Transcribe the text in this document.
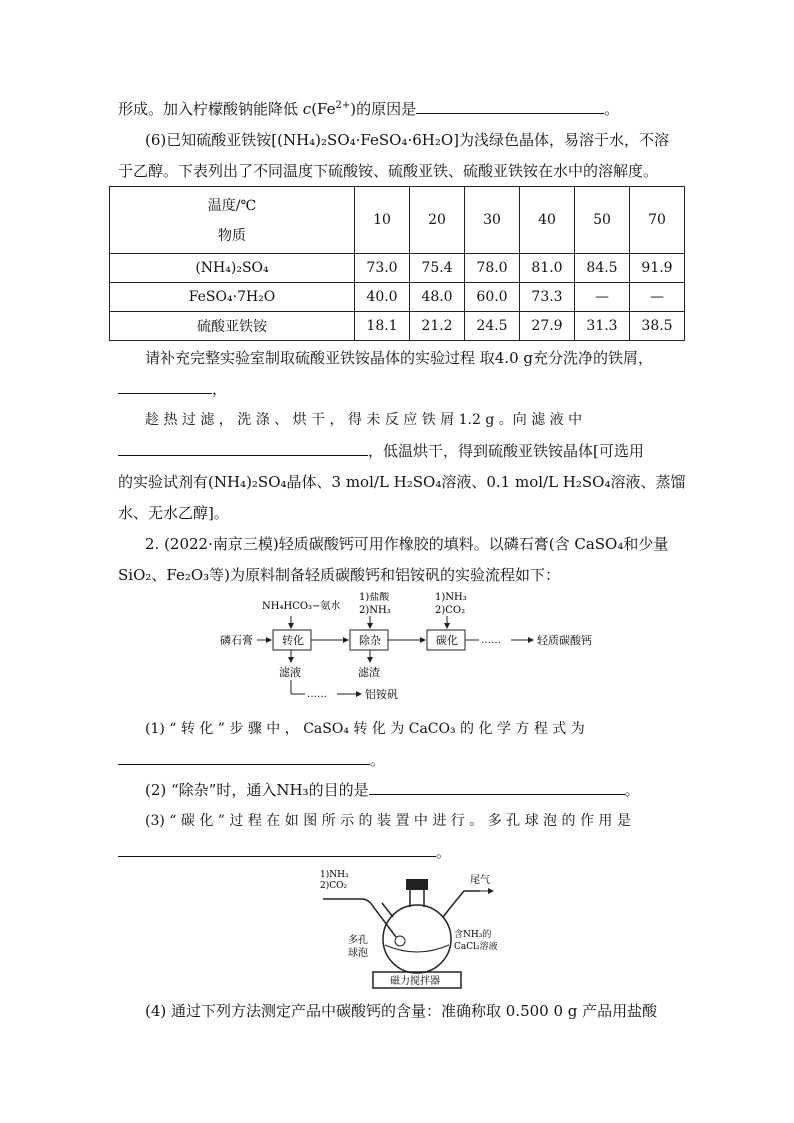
形成。加入柠檬酸钠能降低 $c(Fe^{2+})$的原因是	。
(6)已知硫酸亚铁铵[(NH₄)₂SO₄·FeSO₄·6H₂O]为浅绿色晶体，易溶于水，不溶
于乙醇。下表列出了不同温度下硫酸铵、硫酸亚铁、硫酸亚铁铵在水中的溶解度。
温度/℃
物质	10	20	30	40	50	70
(NH₄)₂SO₄	73.0	75.4	78.0	81.0	84.5	91.9
FeSO₄·7H₂O	40.0	48.0	60.0	73.3	—	—
硫酸亚铁铵	18.1	21.2	24.5	27.9	31.3	38.5
请补充完整实验室制取硫酸亚铁铵晶体的实验过程 取4.0 g充分洗净的铁屑，
，
趁 热 过 滤 ， 洗 涤 、 烘 干 ， 得 未 反 应 铁 屑 1.2 g 。向 滤 液 中
，低温烘干，得到硫酸亚铁铵晶体[可选用
的实验试剂有(NH₄)₂SO₄晶体、3 mol/L H₂SO₄溶液、0.1 mol/L H₂SO₄溶液、蒸馏
水、无水乙醇]。
2. (2022·南京三模)轻质碳酸钙可用作橡胶的填料。以磷石膏(含 CaSO₄和少量
SiO₂、Fe₂O₃等)为原料制备轻质碳酸钙和铝铵矾的实验流程如下：
NH₄HCO₃−氨水
1)盐酸
2)NH₃
1)NH₃
2)CO₂
磷石膏	转化	除杂	碳化 ……	轻质碳酸钙
滤液	滤渣
……	铝铵矾
(1) “ 转 化 ” 步 骤 中 ， CaSO₄ 转 化 为 CaCO₃ 的 化 学 方 程 式 为
。
(2) “除杂”时，通入NH₃的目的是	。
(3) “ 碳 化 ” 过 程 在 如 图 所 示 的 装 置 中 进 行 。 多 孔 球 泡 的 作 用 是
。
1)NH₃
2)CO₂	尾气
多孔
球泡
含NH₃的
CaCl₂溶液
磁力搅拌器
(4) 通过下列方法测定产品中碳酸钙的含量：准确称取 0.500 0 g 产品用盐酸
